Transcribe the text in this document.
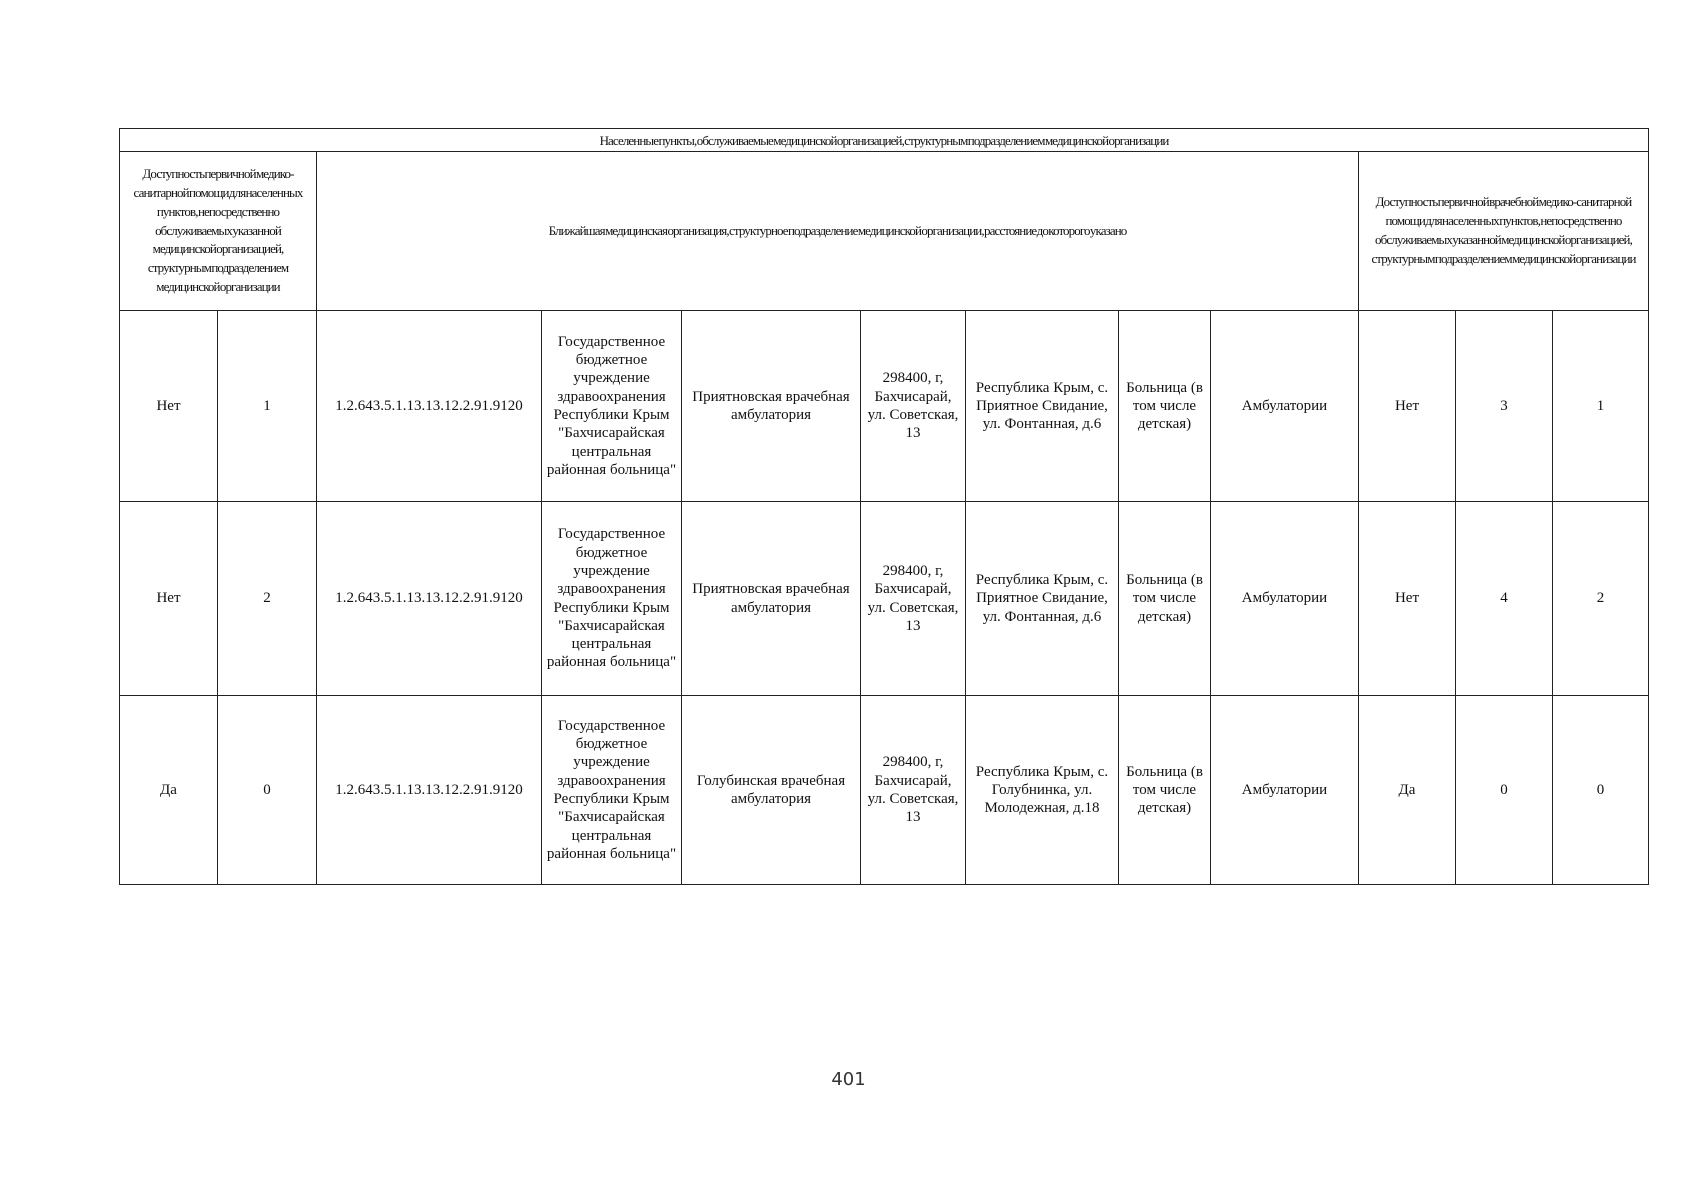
Населенные пункты, обслуживаемые медицинской организацией, структурным подразделением медицинской организации											
Доступность первичной медико-санитарной помощи для населенных пунктов, непосредственно обслуживаемых указанной медицинской организацией, структурным подразделением медицинской организации		Ближайшая медицинская организация, структурное подразделение медицинской организации, расстояние до которого указано							Доступность первичной врачебной медико-санитарной помощи для населенных пунктов, непосредственно обслуживаемых указанной медицинской организацией, структурным подразделением медицинской организации		
Нет	1	1.2.643.5.1.13.13.12.2.91.9120	Государственное бюджетное учреждение здравоохранения Республики Крым "Бахчисарайская центральная районная больница"	Приятновская врачебная амбулатория	298400, г, Бахчисарай, ул. Советская, 13	Республика Крым, с. Приятное Свидание, ул. Фонтанная, д.6	Больница (в том числе детская)	Амбулатории	Нет	3	1
Нет	2	1.2.643.5.1.13.13.12.2.91.9120	Государственное бюджетное учреждение здравоохранения Республики Крым "Бахчисарайская центральная районная больница"	Приятновская врачебная амбулатория	298400, г, Бахчисарай, ул. Советская, 13	Республика Крым, с. Приятное Свидание, ул. Фонтанная, д.6	Больница (в том числе детская)	Амбулатории	Нет	4	2
Да	0	1.2.643.5.1.13.13.12.2.91.9120	Государственное бюджетное учреждение здравоохранения Республики Крым "Бахчисарайская центральная районная больница"	Голубинская врачебная амбулатория	298400, г, Бахчисарай, ул. Советская, 13	Республика Крым, с. Голубнинка, ул. Молодежная, д.18	Больница (в том числе детская)	Амбулатории	Да	0	0
401
